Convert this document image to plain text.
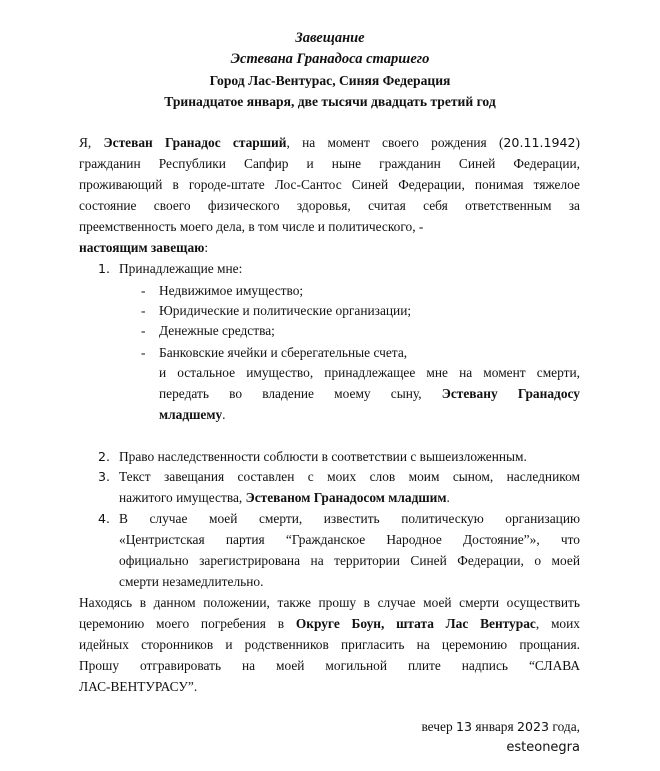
Завещание
Эстевана Гранадоса старшего
Город Лас-Вентурас, Синяя Федерация
Тринадцатое января, две тысячи двадцать третий год
Я, Эстеван Гранадос старший, на момент своего рождения (20.11.1942)
гражданин Республики Сапфир и ныне гражданин Синей Федерации,
проживающий в городе-штате Лос-Сантос Синей Федерации, понимая тяжелое
состояние своего физического здоровья, считая себя ответственным за
преемственность моего дела, в том числе и политического, -
настоящим завещаю:
1. Принадлежащие мне:
- Недвижимое имущество;
- Юридические и политические организации;
- Денежные средства;
- Банковские ячейки и сберегательные счета,
и остальное имущество, принадлежащее мне на момент смерти,
передать во владение моему сыну, Эстевану Гранадосу
младшему.
2. Право наследственности соблюсти в соответствии с вышеизложенным.
3. Текст завещания составлен с моих слов моим сыном, наследником
нажитого имущества, Эстеваном Гранадосом младшим.
4. В случае моей смерти, известить политическую организацию
«Центристская партия “Гражданское Народное Достояние”», что
официально зарегистрирована на территории Синей Федерации, о моей
смерти незамедлительно.
Находясь в данном положении, также прошу в случае моей смерти осуществить
церемонию моего погребения в Округе Боун, штата Лас Вентурас, моих
идейных сторонников и родственников пригласить на церемонию прощания.
Прошу отгравировать на моей могильной плите надпись “СЛАВА
ЛАС-ВЕНТУРАСУ”.
вечер 13 января 2023 года,
esteonegra
